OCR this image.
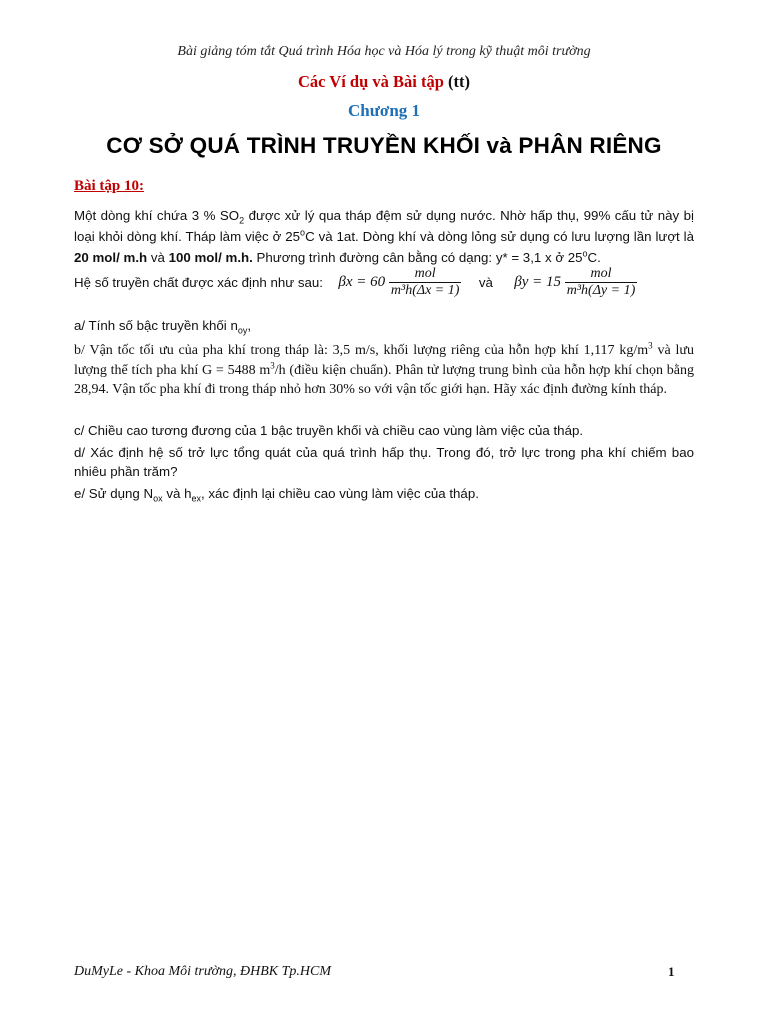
Bài giảng tóm tắt Quá trình Hóa học và Hóa lý trong kỹ thuật môi trường
Các Ví dụ và Bài tập (tt)
Chương 1
CƠ SỞ QUÁ TRÌNH TRUYỀN KHỐI và PHÂN RIÊNG
Bài tập 10:
Một dòng khí chứa 3 % $SO_2$ được xử lý qua tháp đệm sử dụng nước. Nhờ hấp thụ, 99% cấu tử này bị loại khỏi dòng khí. Tháp làm việc ở 25$^o$C và 1at. Dòng khí và dòng lỏng sử dụng có lưu lượng lần lượt là 20 mol/ m.h và 100 mol/ m.h. Phương trình đường cân bằng có dạng: y* = 3,1 x ở 25$^o$C.
Hệ số truyền chất được xác định như sau: $\beta x = 60 \frac{\text{mol}}{\text{m³h(Δx = 1)}}$ và $\beta y = 15 \frac{\text{mol}}{\text{m³h(Δy = 1)}}$
a/ Tính số bậc truyền khối $n_{oy}$,
b/ Vận tốc tối ưu của pha khí trong tháp là: 3,5 m/s, khối lượng riêng của hỗn hợp khí 1,117 $kg/m^3$ và lưu lượng thể tích pha khí G = 5488 $m^3/h$ (điều kiện chuẩn). Phân tử lượng trung bình của hỗn hợp khí chọn bằng 28,94. Vận tốc pha khí đi trong tháp nhỏ hơn 30% so với vận tốc giới hạn. Hãy xác định đường kính tháp.
c/ Chiều cao tương đương của 1 bậc truyền khối và chiều cao vùng làm việc của tháp.
d/ Xác định hệ số trở lực tổng quát của quá trình hấp thụ. Trong đó, trở lực trong pha khí chiếm bao nhiêu phần trăm?
e/ Sử dụng $N_{ox}$ và $h_{ex}$, xác định lại chiều cao vùng làm việc của tháp.
DuMyLe - Khoa Môi trường, ĐHBK Tp.HCM	1
